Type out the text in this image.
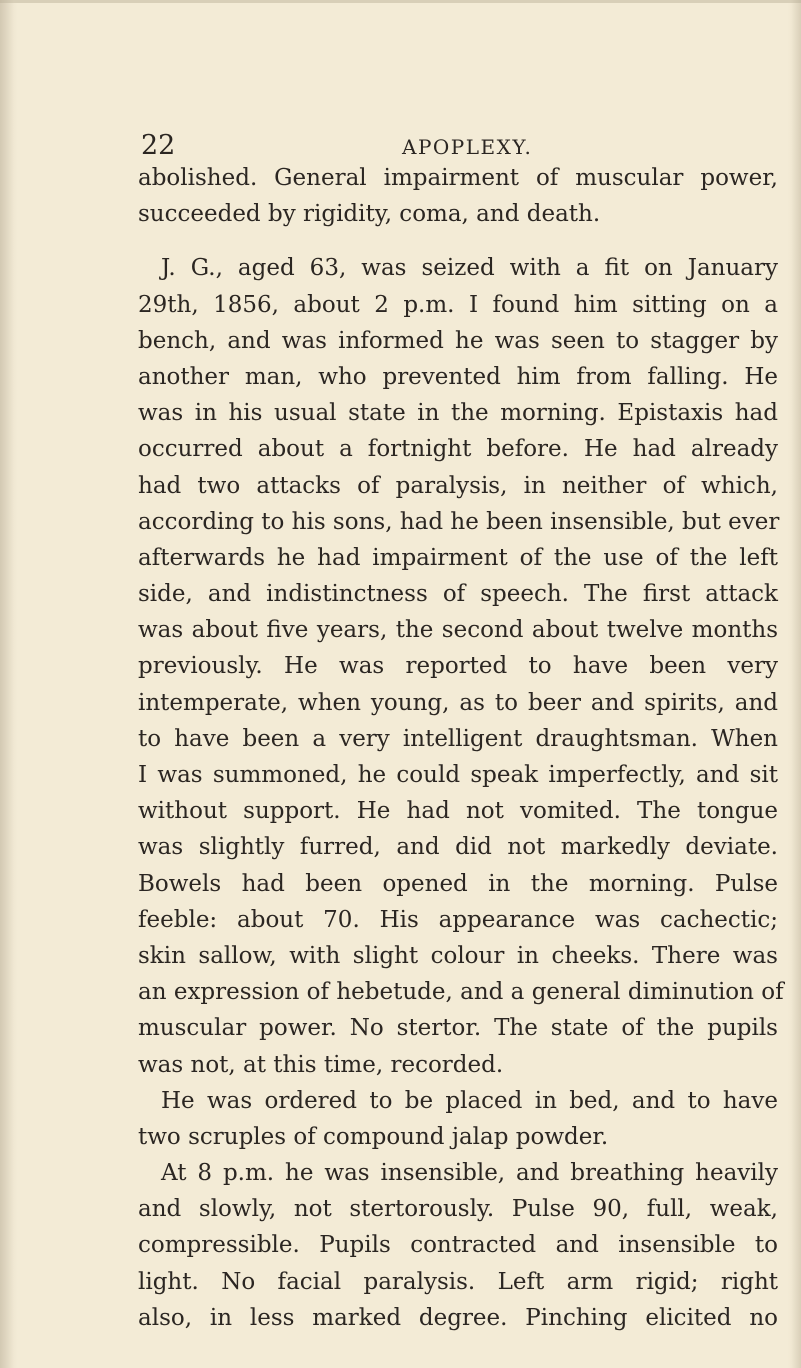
22	APOPLEXY.
abolished. General impairment of muscular power,
succeeded by rigidity, coma, and death.
J. G., aged 63, was seized with a fit on January
29th, 1856, about 2 p.m. I found him sitting on a
bench, and was informed he was seen to stagger by
another man, who prevented him from falling. He
was in his usual state in the morning. Epistaxis had
occurred about a fortnight before. He had already
had two attacks of paralysis, in neither of which,
according to his sons, had he been insensible, but ever
afterwards he had impairment of the use of the left
side, and indistinctness of speech. The first attack
was about five years, the second about twelve months
previously. He was reported to have been very
intemperate, when young, as to beer and spirits, and
to have been a very intelligent draughtsman. When
I was summoned, he could speak imperfectly, and sit
without support. He had not vomited. The tongue
was slightly furred, and did not markedly deviate.
Bowels had been opened in the morning. Pulse
feeble: about 70. His appearance was cachectic;
skin sallow, with slight colour in cheeks. There was
an expression of hebetude, and a general diminution of
muscular power. No stertor. The state of the pupils
was not, at this time, recorded.
He was ordered to be placed in bed, and to have
two scruples of compound jalap powder.
At 8 p.m. he was insensible, and breathing heavily
and slowly, not stertorously. Pulse 90, full, weak,
compressible. Pupils contracted and insensible to
light. No facial paralysis. Left arm rigid; right
also, in less marked degree. Pinching elicited no
